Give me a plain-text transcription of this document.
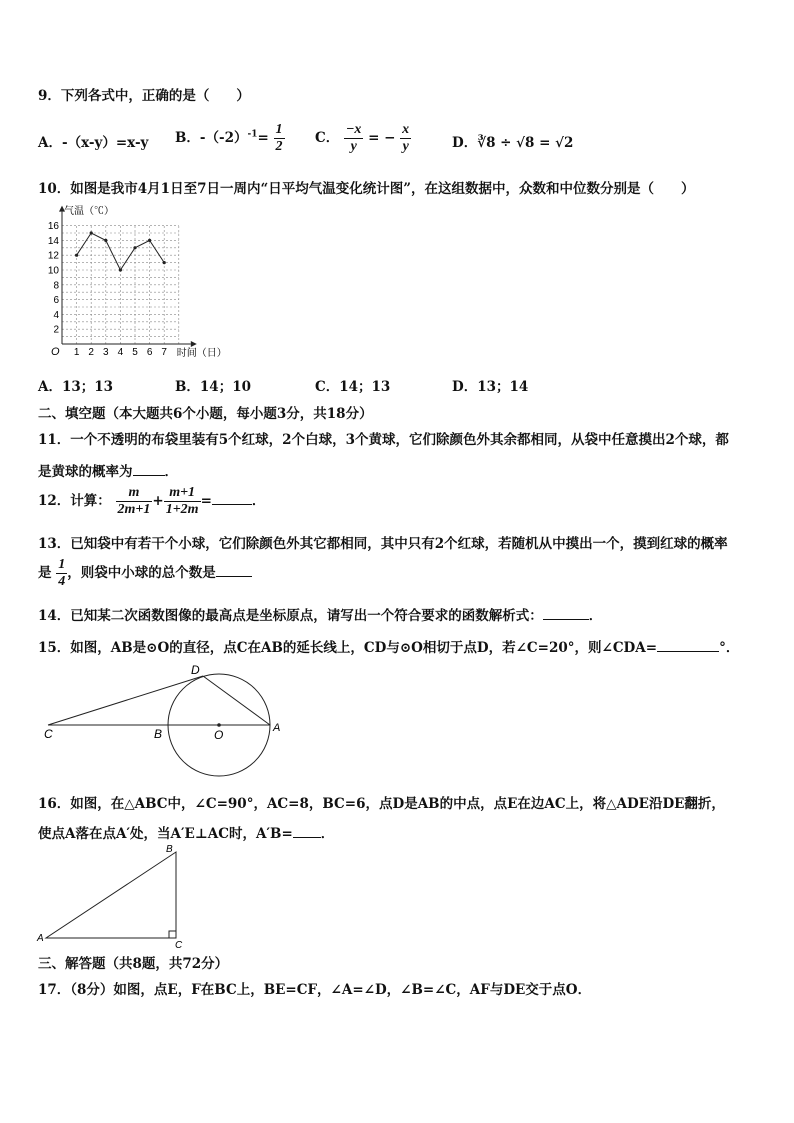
9．下列各式中，正确的是（　　）
A．-（x-y）=x-y B．$-(-2)^{-1}= \frac{1}{2}$ C． $\frac{-x}{y}$ = − $\frac{x}{y}$	D．∛8 ÷ √8 = √2
10．如图是我市4月1日至7日一周内“日平均气温变化统计图”，在这组数据中，众数和中位数分别是（　　）
气温（℃）
时间（日）
O
2
4
6
8
10
12
14
16
1 2 3 4 5 6 7
A．13；13	B．14；10	C．14；13	D．13；14
二、填空题（本大题共6个小题，每小题3分，共18分）
11．一个不透明的布袋里装有5个红球，2个白球，3个黄球，它们除颜色外其余都相同，从袋中任意摸出2个球，都
是黄球的概率为 ．
12．计算： $\frac{m}{2m+1} + \frac{m+1}{1+2m}$ =	．
13．已知袋中有若干个小球，它们除颜色外其它都相同，其中只有2个红球，若随机从中摸出一个，摸到红球的概率
是 $\frac{1}{4}$ ，则袋中小球的总个数是
14．已知某二次函数图像的最高点是坐标原点，请写出一个符合要求的函数解析式：	．
15．如图，AB是⊙O的直径，点C在AB的延长线上，CD与⊙O相切于点D，若∠C=20°，则∠CDA=	°．
C	B	O	A
D
16．如图，在△ABC中，∠C=90°，AC=8，BC=6，点D是AB的中点，点E在边AC上，将△ADE沿DE翻折，
使点A落在点A′处，当A′E⊥AC时，A′B= ．
A
B
C
三、解答题（共8题，共72分）
17．（8分）如图，点E，F在BC上，BE=CF，∠A=∠D，∠B=∠C，AF与DE交于点O．
